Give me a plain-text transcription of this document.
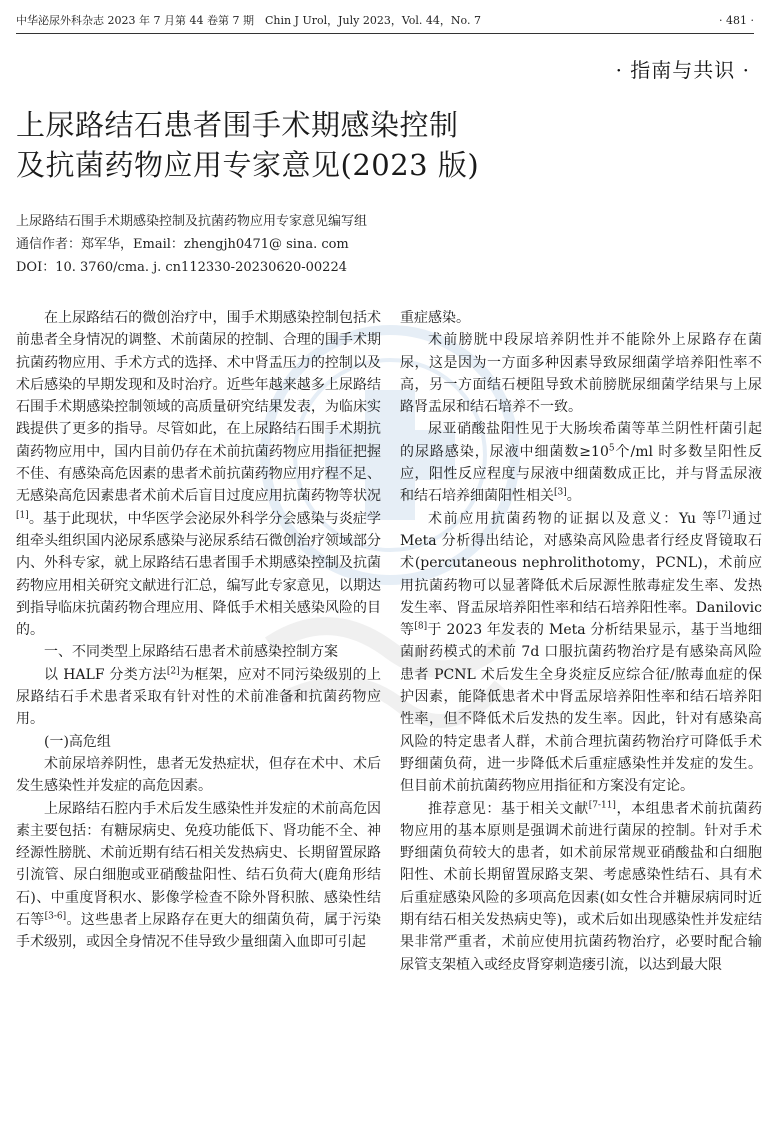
中华泌尿外科杂志 2023 年 7 月第 44 卷第 7 期　Chin J Urol，July 2023，Vol. 44，No. 7	· 481 ·
· 指南与共识 ·
上尿路结石患者围手术期感染控制
及抗菌药物应用专家意见(2023 版)
上尿路结石围手术期感染控制及抗菌药物应用专家意见编写组
通信作者：郑军华，Email：zhengjh0471@ sina. com
DOI：10. 3760/cma. j. cn112330-20230620-00224

在上尿路结石的微创治疗中，围手术期感染控制包括术前患者全身情况的调整、术前菌尿的控制、合理的围手术期抗菌药物应用、手术方式的选择、术中肾盂压力的控制以及术后感染的早期发现和及时治疗。近些年越来越多上尿路结石围手术期感染控制领域的高质量研究结果发表，为临床实践提供了更多的指导。尽管如此，在上尿路结石围手术期抗菌药物应用中，国内目前仍存在术前抗菌药物应用指征把握不佳、有感染高危因素的患者术前抗菌药物应用疗程不足、无感染高危因素患者术前术后盲目过度应用抗菌药物等状况[1]。基于此现状，中华医学会泌尿外科学分会感染与炎症学组牵头组织国内泌尿系感染与泌尿系结石微创治疗领域部分内、外科专家，就上尿路结石患者围手术期感染控制及抗菌药物应用相关研究文献进行汇总，编写此专家意见，以期达到指导临床抗菌药物合理应用、降低手术相关感染风险的目的。

一、不同类型上尿路结石患者术前感染控制方案

以 HALF 分类方法[2]为框架，应对不同污染级别的上尿路结石手术患者采取有针对性的术前准备和抗菌药物应用。

(一)高危组

术前尿培养阴性，患者无发热症状，但存在术中、术后发生感染性并发症的高危因素。

上尿路结石腔内手术后发生感染性并发症的术前高危因素主要包括：有糖尿病史、免疫功能低下、肾功能不全、神经源性膀胱、术前近期有结石相关发热病史、长期留置尿路引流管、尿白细胞或亚硝酸盐阳性、结石负荷大(鹿角形结石)、中重度肾积水、影像学检查不除外肾积脓、感染性结石等[3-6]。这些患者上尿路存在更大的细菌负荷，属于污染手术级别，或因全身情况不佳导致少量细菌入血即可引起

重症感染。

术前膀胱中段尿培养阴性并不能除外上尿路存在菌尿，这是因为一方面多种因素导致尿细菌学培养阳性率不高，另一方面结石梗阻导致术前膀胱尿细菌学结果与上尿路肾盂尿和结石培养不一致。

尿亚硝酸盐阳性见于大肠埃希菌等革兰阴性杆菌引起的尿路感染，尿液中细菌数$\ge 10^5$个/ml 时多数呈阳性反应，阳性反应程度与尿液中细菌数成正比，并与肾盂尿液和结石培养细菌阳性相关[3]。

术前应用抗菌药物的证据以及意义：Yu 等[7]通过 Meta 分析得出结论，对感染高风险患者行经皮肾镜取石术(percutaneous nephrolithotomy，PCNL)，术前应用抗菌药物可以显著降低术后尿源性脓毒症发生率、发热发生率、肾盂尿培养阳性率和结石培养阳性率。Danilovic 等[8]于 2023 年发表的 Meta 分析结果显示，基于当地细菌耐药模式的术前 7d 口服抗菌药物治疗是有感染高风险患者 PCNL 术后发生全身炎症反应综合征/脓毒血症的保护因素，能降低患者术中肾盂尿培养阳性率和结石培养阳性率，但不降低术后发热的发生率。因此，针对有感染高风险的特定患者人群，术前合理抗菌药物治疗可降低手术野细菌负荷，进一步降低术后重症感染性并发症的发生。但目前术前抗菌药物应用指征和方案没有定论。

推荐意见：基于相关文献[7-11]，本组患者术前抗菌药物应用的基本原则是强调术前进行菌尿的控制。针对手术野细菌负荷较大的患者，如术前尿常规亚硝酸盐和白细胞阳性、术前长期留置尿路支架、考虑感染性结石、具有术后重症感染风险的多项高危因素(如女性合并糖尿病同时近期有结石相关发热病史等)，或术后如出现感染性并发症结果非常严重者，术前应使用抗菌药物治疗，必要时配合输尿管支架植入或经皮肾穿刺造瘘引流，以达到最大限
